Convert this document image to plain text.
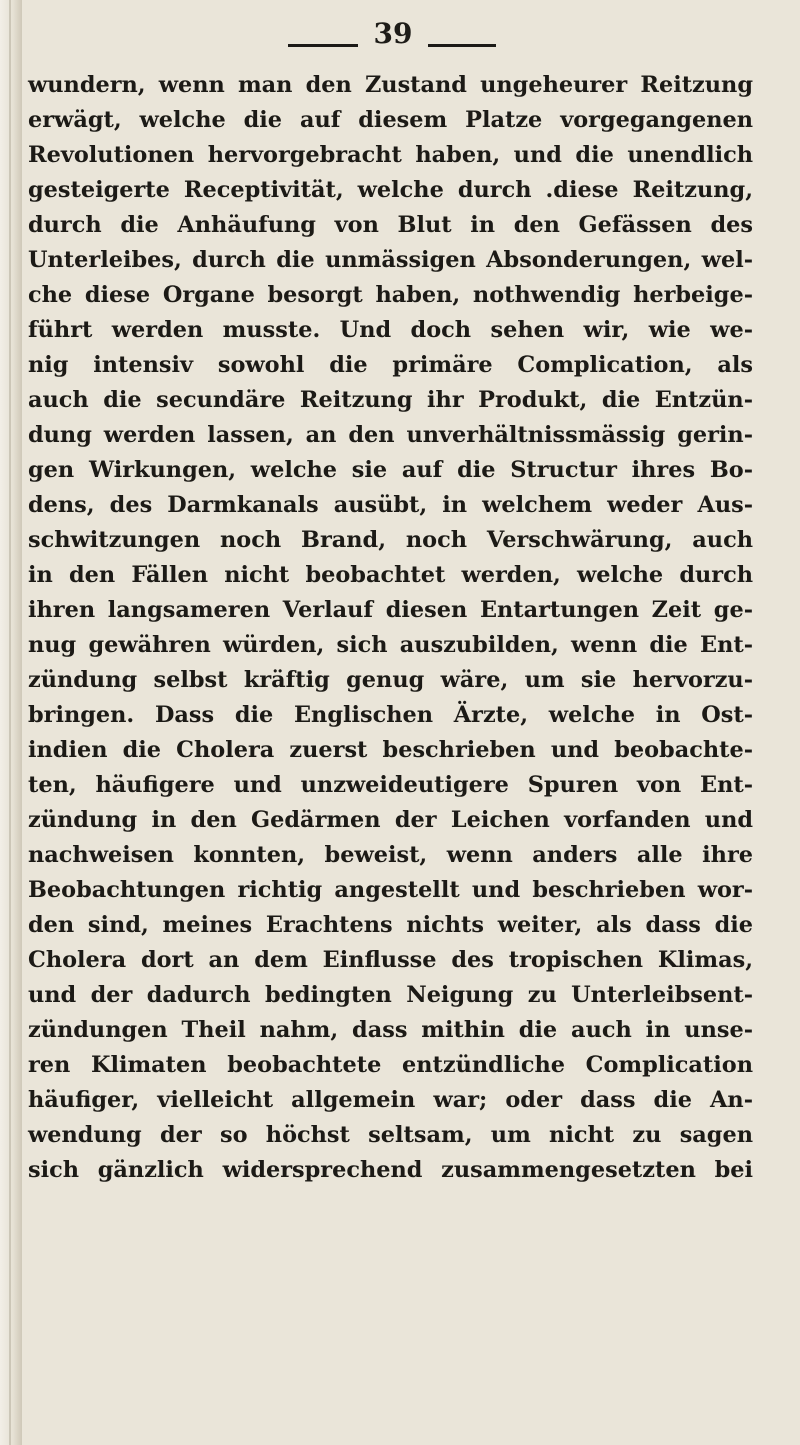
39
wundern, wenn man den Zustand ungeheurer Reitzung
erwägt, welche die auf diesem Platze vorgegangenen
Revolutionen hervorgebracht haben, und die unendlich
gesteigerte Receptivität, welche durch .diese Reitzung,
durch die Anhäufung von Blut in den Gefässen des
Unterleibes, durch die unmässigen Absonderungen, wel-
che diese Organe besorgt haben, nothwendig herbeige-
führt werden musste. Und doch sehen wir, wie we-
nig intensiv sowohl die primäre Complication, als
auch die secundäre Reitzung ihr Produkt, die Entzün-
dung werden lassen, an den unverhältnissmässig gerin-
gen Wirkungen, welche sie auf die Structur ihres Bo-
dens, des Darmkanals ausübt, in welchem weder Aus-
schwitzungen noch Brand, noch Verschwärung, auch
in den Fällen nicht beobachtet werden, welche durch
ihren langsameren Verlauf diesen Entartungen Zeit ge-
nug gewähren würden, sich auszubilden, wenn die Ent-
zündung selbst kräftig genug wäre, um sie hervorzu-
bringen. Dass die Englischen Ärzte, welche in Ost-
indien die Cholera zuerst beschrieben und beobachte-
ten, häufigere und unzweideutigere Spuren von Ent-
zündung in den Gedärmen der Leichen vorfanden und
nachweisen konnten, beweist, wenn anders alle ihre
Beobachtungen richtig angestellt und beschrieben wor-
den sind, meines Erachtens nichts weiter, als dass die
Cholera dort an dem Einflusse des tropischen Klimas,
und der dadurch bedingten Neigung zu Unterleibsent-
zündungen Theil nahm, dass mithin die auch in unse-
ren Klimaten beobachtete entzündliche Complication
häufiger, vielleicht allgemein war; oder dass die An-
wendung der so höchst seltsam, um nicht zu sagen
sich gänzlich widersprechend zusammengesetzten bei
